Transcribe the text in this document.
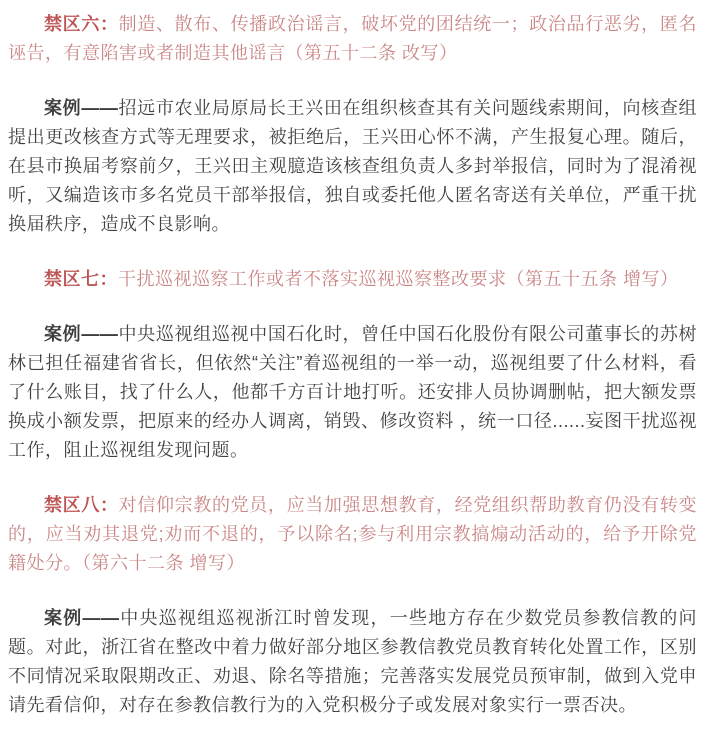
禁区六：制造、散布、传播政治谣言，破坏党的团结统一；政治品行恶劣，匿名诬告，有意陷害或者制造其他谣言（第五十二条 改写）

案例——招远市农业局原局长王兴田在组织核查其有关问题线索期间，向核查组提出更改核查方式等无理要求，被拒绝后，王兴田心怀不满，产生报复心理。随后，在县市换届考察前夕，王兴田主观臆造该核查组负责人多封举报信，同时为了混淆视听，又编造该市多名党员干部举报信，独自或委托他人匿名寄送有关单位，严重干扰换届秩序，造成不良影响。

禁区七：干扰巡视巡察工作或者不落实巡视巡察整改要求（第五十五条 增写）

案例——中央巡视组巡视中国石化时，曾任中国石化股份有限公司董事长的苏树林已担任福建省省长，但依然“关注”着巡视组的一举一动，巡视组要了什么材料，看了什么账目，找了什么人，他都千方百计地打听。还安排人员协调删帖，把大额发票换成小额发票，把原来的经办人调离，销毁、修改资料 ，统一口径......妄图干扰巡视工作，阻止巡视组发现问题。

禁区八：对信仰宗教的党员，应当加强思想教育，经党组织帮助教育仍没有转变的，应当劝其退党;劝而不退的，予以除名;参与利用宗教搞煽动活动的，给予开除党籍处分。（第六十二条 增写）

案例——中央巡视组巡视浙江时曾发现，一些地方存在少数党员参教信教的问题。对此，浙江省在整改中着力做好部分地区参教信教党员教育转化处置工作，区别不同情况采取限期改正、劝退、除名等措施；完善落实发展党员预审制，做到入党申请先看信仰，对存在参教信教行为的入党积极分子或发展对象实行一票否决。
